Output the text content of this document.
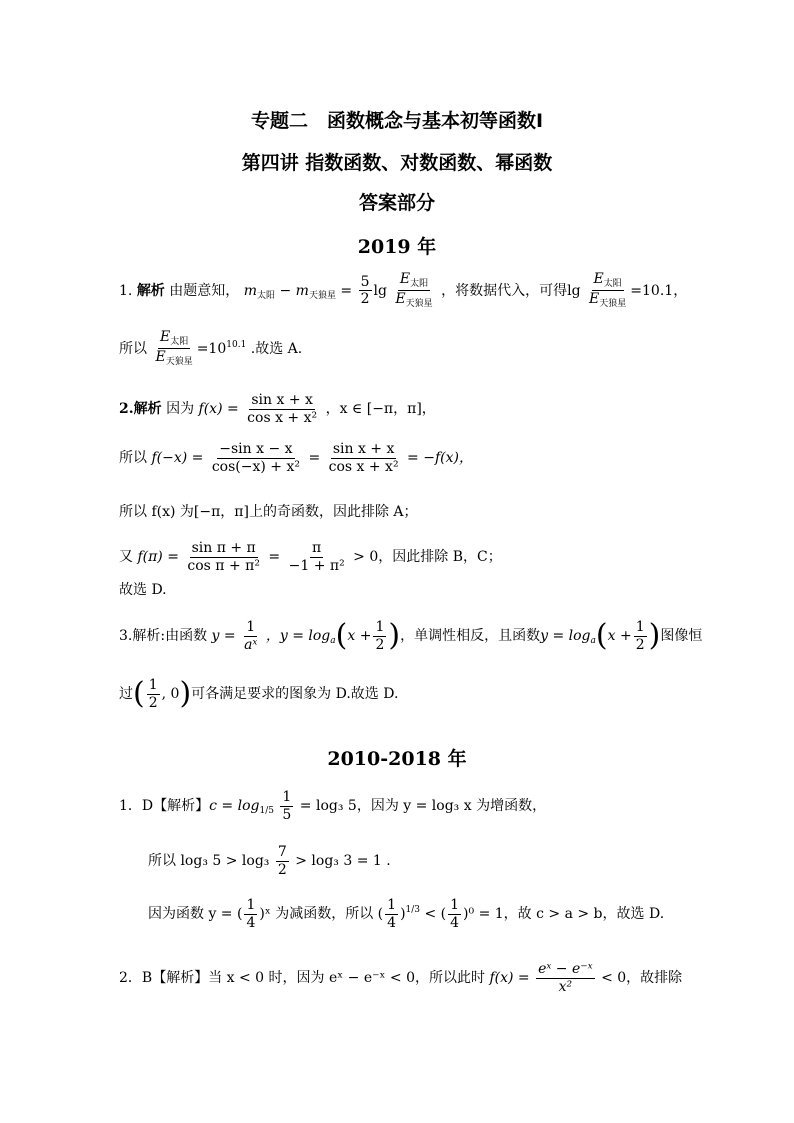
专题二　函数概念与基本初等函数Ⅰ
第四讲 指数函数、对数函数、幂函数
答案部分
2019 年
1. 解析 由题意知， $m_{太阳} - m_{天狼星} = \frac{5}{2}$ $\lg \frac{E_{太阳}}{E_{天狼星}}$ ，将数据代入，可得$\lg \frac{E_{太阳}}{E_{天狼星}} =10.1$，
所以 $\frac{E_{太阳}}{E_{天狼星}} =10^{10.1}$ .故选 A.
2.解析 因为 $f(x) = \frac{\text{sin x + x}}{\text{cos x + x²}}$ ，x ∈ [−π，π]，
所以 $f(-x) = \frac{\text{−sin x − x}}{\text{cos(−x) + x²}} = \frac{\text{sin x + x}}{\text{cos x + x²}} = -f(x)$，
所以 f(x) 为[−π，π]上的奇函数，因此排除 A；
又 $f(\pi) = \frac{\text{sin π + π}}{\text{cos π + π²}} = \frac{\pi}{\text{−1 + π²}} > 0$，因此排除 B，C；
故选 D.
3.解析:由函数 $y = \frac{1}{\text{aˣ}}$ ，$y = \log_a(x + \frac{1}{2}$ )，单调性相反，且函数$y = \log_a(x + \frac{1}{2}$ )图像恒
过( $\frac{1}{2}$ , 0)可各满足要求的图象为 D.故选 D.
2010-2018 年
1．D【解析】$c = \log_{1/5} \frac{1}{5} = \log_3$ 5，因为 y = log₃ x 为增函数，
所以 log₃ $5 > \log_3 \frac{7}{2} > \log_3$ 3 = 1 .
因为函数 y = ( $\frac{1}{4}$ )ˣ 为减函数，所以 ( $\frac{1}{4} )^{1/3}$ < ( $\frac{1}{4} )^0 = 1$，故 c > a > b，故选 D.
2．B【解析】当 x < 0 时，因为 eˣ − e⁻ˣ < 0，所以此时 $f(x) = \frac{\text{eˣ − e⁻ˣ}}{\text{x²}} < 0$，故排除
